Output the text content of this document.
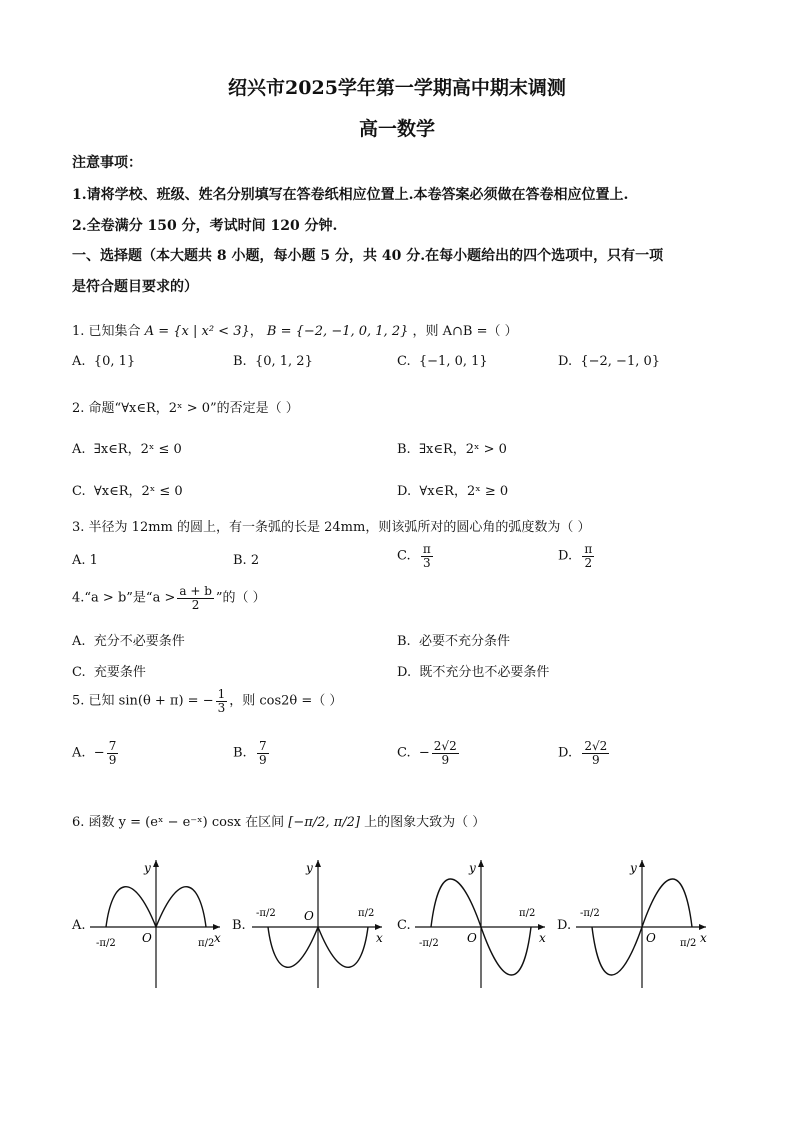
绍兴市2025学年第一学期高中期末调测
高一数学
注意事项：
1.请将学校、班级、姓名分别填写在答卷纸相应位置上.本卷答案必须做在答卷相应位置上.
2.全卷满分 150 分，考试时间 120 分钟.
一、选择题（本大题共 8 小题，每小题 5 分，共 40 分.在每小题给出的四个选项中，只有一项
是符合题目要求的）
1. 已知集合 A = {x | x² < 3}， B = {−2, −1, 0, 1, 2} ，则 A∩B =（ ）
A. {0, 1}	B. {0, 1, 2}	C. {−1, 0, 1}	D. {−2, −1, 0}
2. 命题“∀x∈R，2ˣ > 0”的否定是（ ）
A. ∃x∈R，2ˣ ≤ 0	B. ∃x∈R，2ˣ > 0
C. ∀x∈R，2ˣ ≤ 0	D. ∀x∈R，2ˣ ≥ 0
3. 半径为 12mm 的圆上，有一条弧的长是 24mm，则该弧所对的圆心角的弧度数为（ ）
A. 1	B. 2	C. $\frac{\pi}{3}$	D. $\frac{\pi}{2}$
4.“a > b”是“$a > \frac{a + b}{2}$ ”的（ ）
A. 充分不必要条件	B. 必要不充分条件
C. 充要条件	D. 既不充分也不必要条件
5. 已知 sin(θ + π) = − $\frac{1}{3}$ ，则 cos2θ =（ ）
A. − $\frac{7}{9}$	B. $\frac{7}{9}$	C. − $\frac{2√2}{9}$	D. $\frac{2√2}{9}$
6. 函数 y = (eˣ − e⁻ˣ) cosx 在区间 [−π/2, π/2] 上的图象大致为（ ）
A.	B.	C.	D.
y
x
O
-π/2	π/2
y
x
O
-π/2	π/2
y
x
O
-π/2
π/2
y
x
O
-π/2
π/2
